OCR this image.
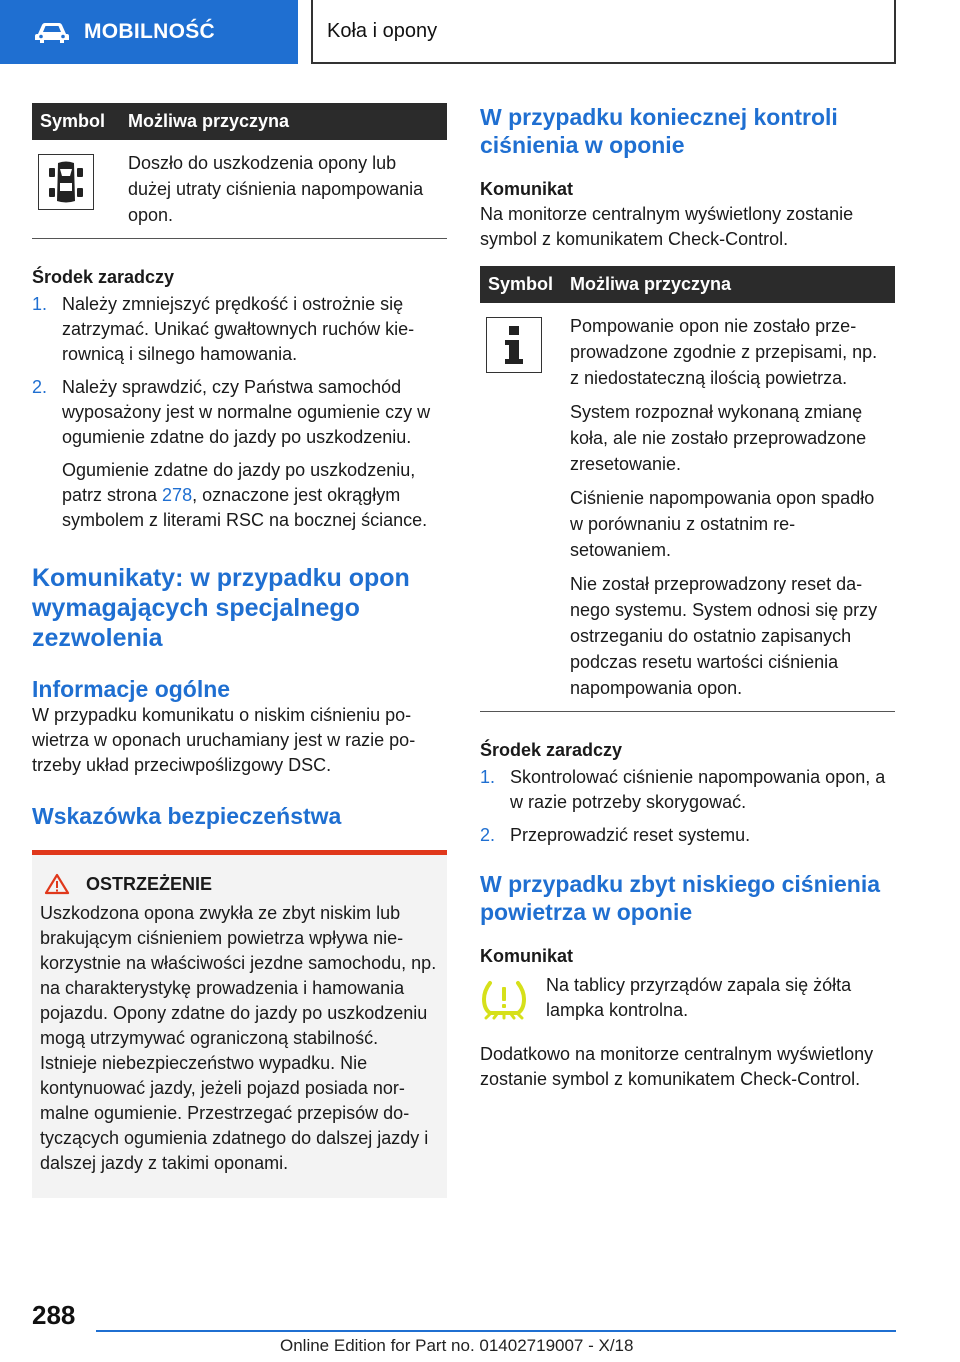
MOBILNOŚĆ	Koła i opony
Symbol	Możliwa przyczyna

	Doszło do uszkodzenia opony lub dużej utraty ciśnienia napompowania opon.
Środek zaradczy
1. Należy zmniejszyć prędkość i ostrożnie się zatrzymać. Unikać gwałtownych ruchów kierownicą i silnego hamowania.
2. Należy sprawdzić, czy Państwa samochód wyposażony jest w normalne ogumienie czy w ogumienie zdatne do jazdy po uszkodzeniu.

Ogumienie zdatne do jazdy po uszkodzeniu, patrz strona 278, oznaczone jest okrągłym symbolem z literami RSC na bocznej ściance.

Komunikaty: w przypadku opon wymagających specjalnego zezwolenia
Informacje ogólne

W przypadku komunikatu o niskim ciśnieniu powietrza w oponach uruchamiany jest w razie potrzeby układ przeciwpoślizgowy DSC.

Wskazówka bezpieczeństwa
OSTRZEŻENIE

Uszkodzona opona zwykła ze zbyt niskim lub brakującym ciśnieniem powietrza wpływa niekorzystnie na właściwości jezdne samochodu, np. na charakterystykę prowadzenia i hamowania pojazdu. Opony zdatne do jazdy po uszkodzeniu mogą utrzymywać ograniczoną stabilność. Istnieje niebezpieczeństwo wypadku. Nie kontynuować jazdy, jeżeli pojazd posiada normalne ogumienie. Przestrzegać przepisów dotyczących ogumienia zdatnego do dalszej jazdy i dalszej jazdy z takimi oponami.

W przypadku koniecznej kontroli ciśnienia w oponie
Komunikat

Na monitorze centralnym wyświetlony zostanie symbol z komunikatem Check-Control.

Symbol	Możliwa przyczyna

Pompowanie opon nie zostało przeprowadzone zgodnie z przepisami, np. z niedostateczną ilością powietrza.

System rozpoznał wykonaną zmianę koła, ale nie zostało przeprowadzone zresetowanie.

Ciśnienie napompowania opon spadło w porównaniu z ostatnim resetowaniem.

Nie został przeprowadzony reset danego systemu. System odnosi się przy ostrzeganiu do ostatnio zapisanych podczas resetu wartości ciśnienia napompowania opon.

Środek zaradczy
1. Skontrolować ciśnienie napompowania opon, a w razie potrzeby skorygować.
2. Przeprowadzić reset systemu.
W przypadku zbyt niskiego ciśnienia powietrza w oponie
Komunikat

Na tablicy przyrządów zapala się żółta lampka kontrolna.

Dodatkowo na monitorze centralnym wyświetlony zostanie symbol z komunikatem Check-Control.

288
Online Edition for Part no. 01402719007 - X/18
